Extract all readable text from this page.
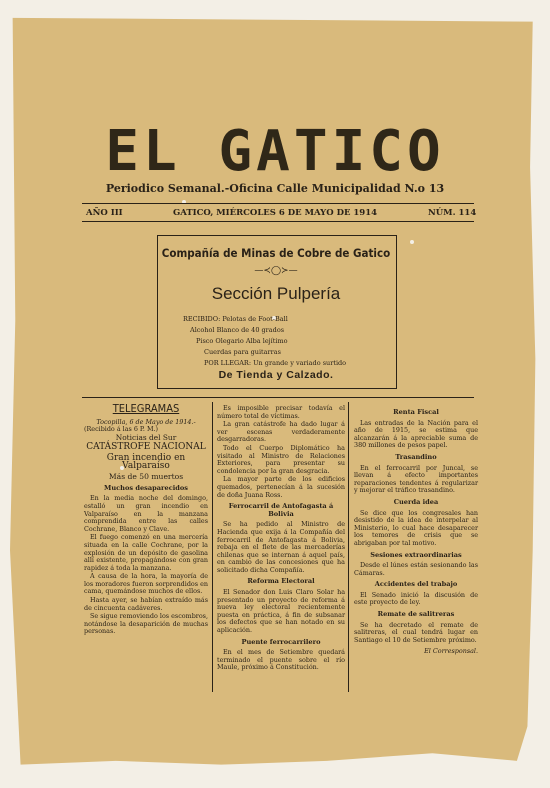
EL GATICO
Periodico Semanal.-Oficina Calle Municipalidad N.o 13
AÑO III	GATICO, MIÉRCOLES 6 DE MAYO DE 1914	NÚM. 114
Compañía de Minas de Cobre de Gatico
—≺◯≻—
Sección Pulpería
RECIBIDO: Pelotas de Foot-Ball
Alcohol Blanco de 40 grados
Pisco Olegario Alba lejítimo
Cuerdas para guitarras
POR LLEGAR: Un grande y variado surtido
De Tienda y Calzado.
TELEGRAMAS
Tocopilla, 6 de Mayo de 1914.-
(Recibido á las 6 P. M.)
Noticias del Sur
CATÁSTROFE NACIONAL
Gran incendio en Valparaíso
Más de 50 muertos
Muchos desaparecidos

En la media noche del domingo, estalló un gran incendio en Valparaíso en la manzana comprendida entre las calles Cochrane, Blanco y Clave.

El fuego comenzó en una mercería situada en la calle Cochrane, por la explosión de un depósito de gasolina allí existente, propagándose con gran rapidez á toda la manzana.

A causa de la hora, la mayoría de los moradores fueron sorprendidos en cama, quemándose muchos de ellos.

Hasta ayer, se habían extraído más de cincuenta cadáveres.

Se sigue removiendo los escombros, notándose la desaparición de muchas personas.

Es imposible precisar todavía el número total de víctimas.

La gran catástrofe ha dado lugar á ver escenas verdaderamente desgarradoras.

Todo el Cuerpo Diplomático ha visitado al Ministro de Relaciones Exteriores, para presentar su condolencia por la gran desgracia.

La mayor parte de los edificios quemados, pertenecían á la sucesión de doña Juana Ross.

Ferrocarril de Antofagasta á Bolivia

Se ha pedido al Ministro de Hacienda que exija á la Compañía del ferrocarril de Antofagasta á Bolivia, rebaja en el flete de las mercaderías chilenas que se internan á aquel país, en cambio de las concesiones que ha solicitado dicha Compañía.

Reforma Electoral

El Senador don Luis Claro Solar ha presentado un proyecto de reforma á nueva ley electoral recientemente puesta en práctica, á fin de subsanar los defectos que se han notado en su aplicación.

Puente ferrocarrilero

En el mes de Setiembre quedará terminado el puente sobre el río Maule, próximo á Constitución.

Renta Fiscal

Las entradas de la Nación para el año de 1915, se estima que alcanzarán á la apreciable suma de 380 millones de pesos papel.

Trasandino

En el ferrocarril por Juncal, se llevan á efecto importantes reparaciones tendentes á regularizar y mejorar el tráfico trasandino.

Cuerda idea

Se dice que los congresales han desistido de la idea de interpelar al Ministerio, lo cual hace desaparecer los temores de crisis que se abrigaban por tal motivo.

Sesiones extraordinarias

Desde el lúnes están sesionando las Cámaras.

Accidentes del trabajo

El Senado inició la discusión de este proyecto de ley.

Remate de salitreras

Se ha decretado el remate de salitreras, el cual tendrá lugar en Santiago el 10 de Setiembre próximo.

El Corresponsal.
